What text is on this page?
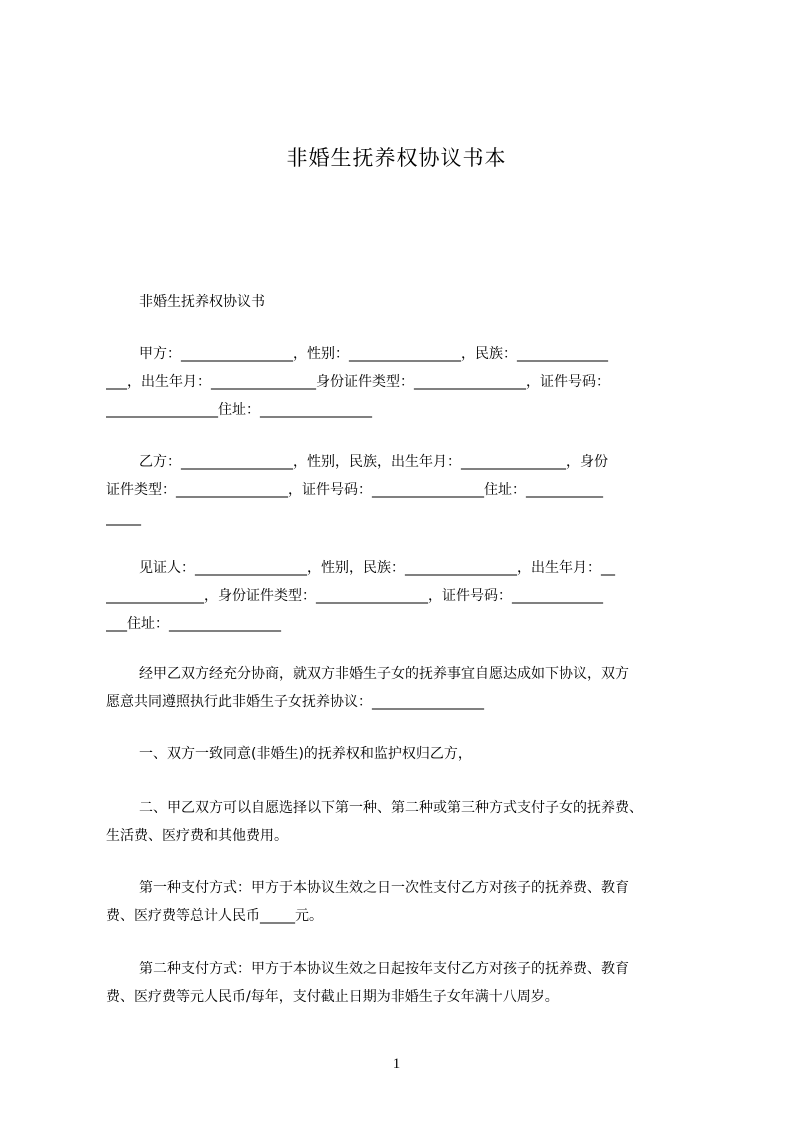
非婚生抚养权协议书本

非婚生抚养权协议书

甲方：________________，性别：________________，民族：_____________
___，出生年月：_______________身份证件类型：________________，证件号码：
________________住址：________________
乙方：________________，性别，民族，出生年月：_______________，身份
证件类型：________________，证件号码：________________住址：___________
_____
见证人：________________，性别，民族：________________，出生年月：__
______________，身份证件类型：________________，证件号码：_____________
___住址：________________
经甲乙双方经充分协商，就双方非婚生子女的抚养事宜自愿达成如下协议，双方
愿意共同遵照执行此非婚生子女抚养协议：________________
一、双方一致同意(非婚生)的抚养权和监护权归乙方，
二、甲乙双方可以自愿选择以下第一种、第二种或第三种方式支付子女的抚养费、
生活费、医疗费和其他费用。
第一种支付方式：甲方于本协议生效之日一次性支付乙方对孩子的抚养费、教育
费、医疗费等总计人民币_____元。
第二种支付方式：甲方于本协议生效之日起按年支付乙方对孩子的抚养费、教育
费、医疗费等元人民币/每年，支付截止日期为非婚生子女年满十八周岁。

1
